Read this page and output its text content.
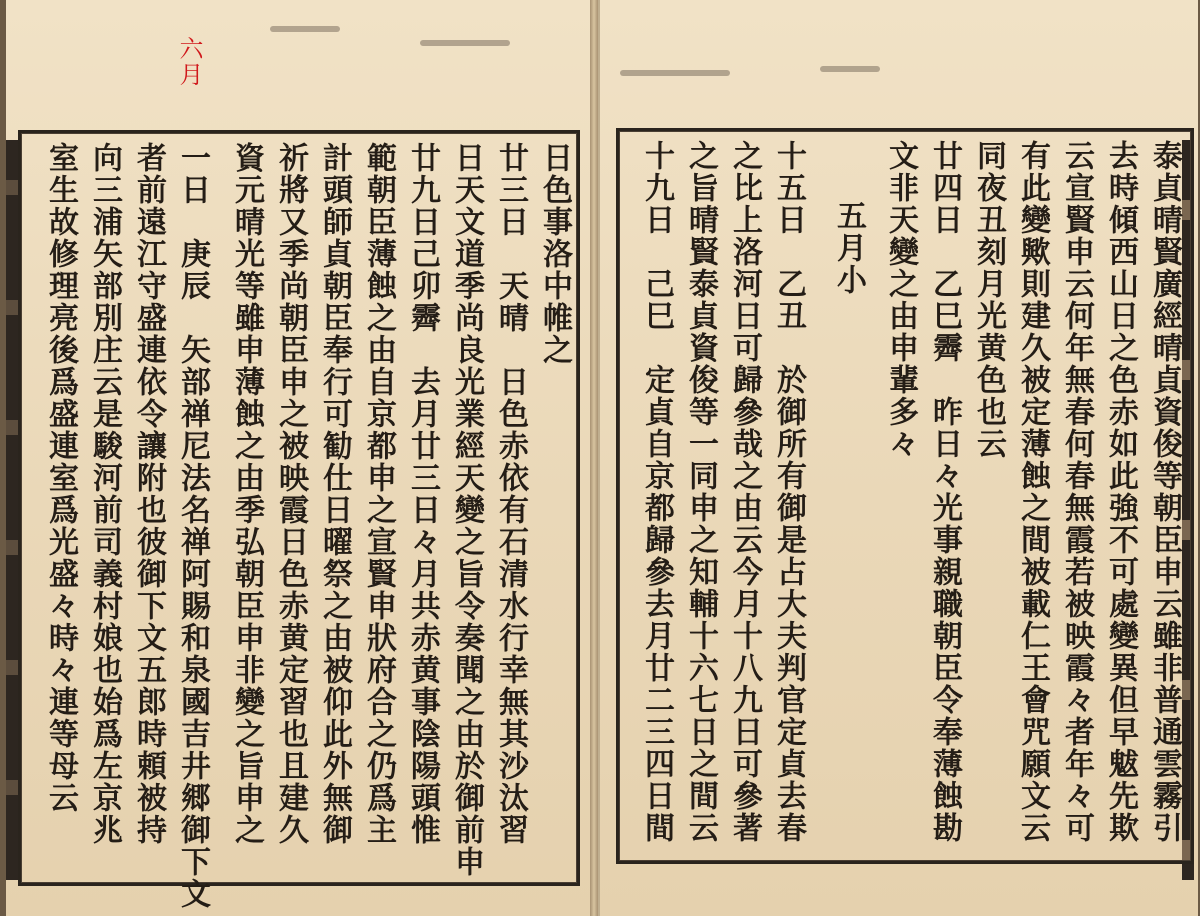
六月
日色事洛中帷之
廿三日　天晴　日色赤依有石清水行幸無其沙汰習
日天文道季尚良光業經天變之旨令奏聞之由於御前申
廿九日己卯霽　去月廿三日々月共赤黄事陰陽頭惟
範朝臣薄蝕之由自京都申之宣賢申狀府合之仍爲主
計頭師貞朝臣奉行可勧仕日曜祭之由被仰此外無御
祈將又季尚朝臣申之被映霞日色赤黄定習也且建久
資元晴光等雖申薄蝕之由季弘朝臣申非變之旨申之
一日　庚辰　矢部禅尼法名禅阿賜和泉國吉井郷御下文
者前遠江守盛連依令讓附也彼御下文五郎時頼被持
向三浦矢部別庄云是駿河前司義村娘也始爲左京兆
室生故修理亮後爲盛連室爲光盛々時々連等母云	泰貞晴賢廣經晴貞資俊等朝臣申云雖非普通雲霧引
去時傾西山日之色赤如此強不可處變異但早魃先欺
云宣賢申云何年無春何春無霞若被映霞々者年々可
有此變歟則建久被定薄蝕之間被載仁王會咒願文云
同夜丑刻月光黄色也云
廿四日　乙巳霽　昨日々光事親職朝臣令奉薄蝕勘
文非天變之由申輩多々
五月小
十五日　乙丑　於御所有御是占大夫判官定貞去春
之比上洛河日可歸參哉之由云今月十八九日可參著
之旨晴賢泰貞資俊等一同申之知輔十六七日之間云
十九日　己巳　定貞自京都歸參去月廿二三四日間
